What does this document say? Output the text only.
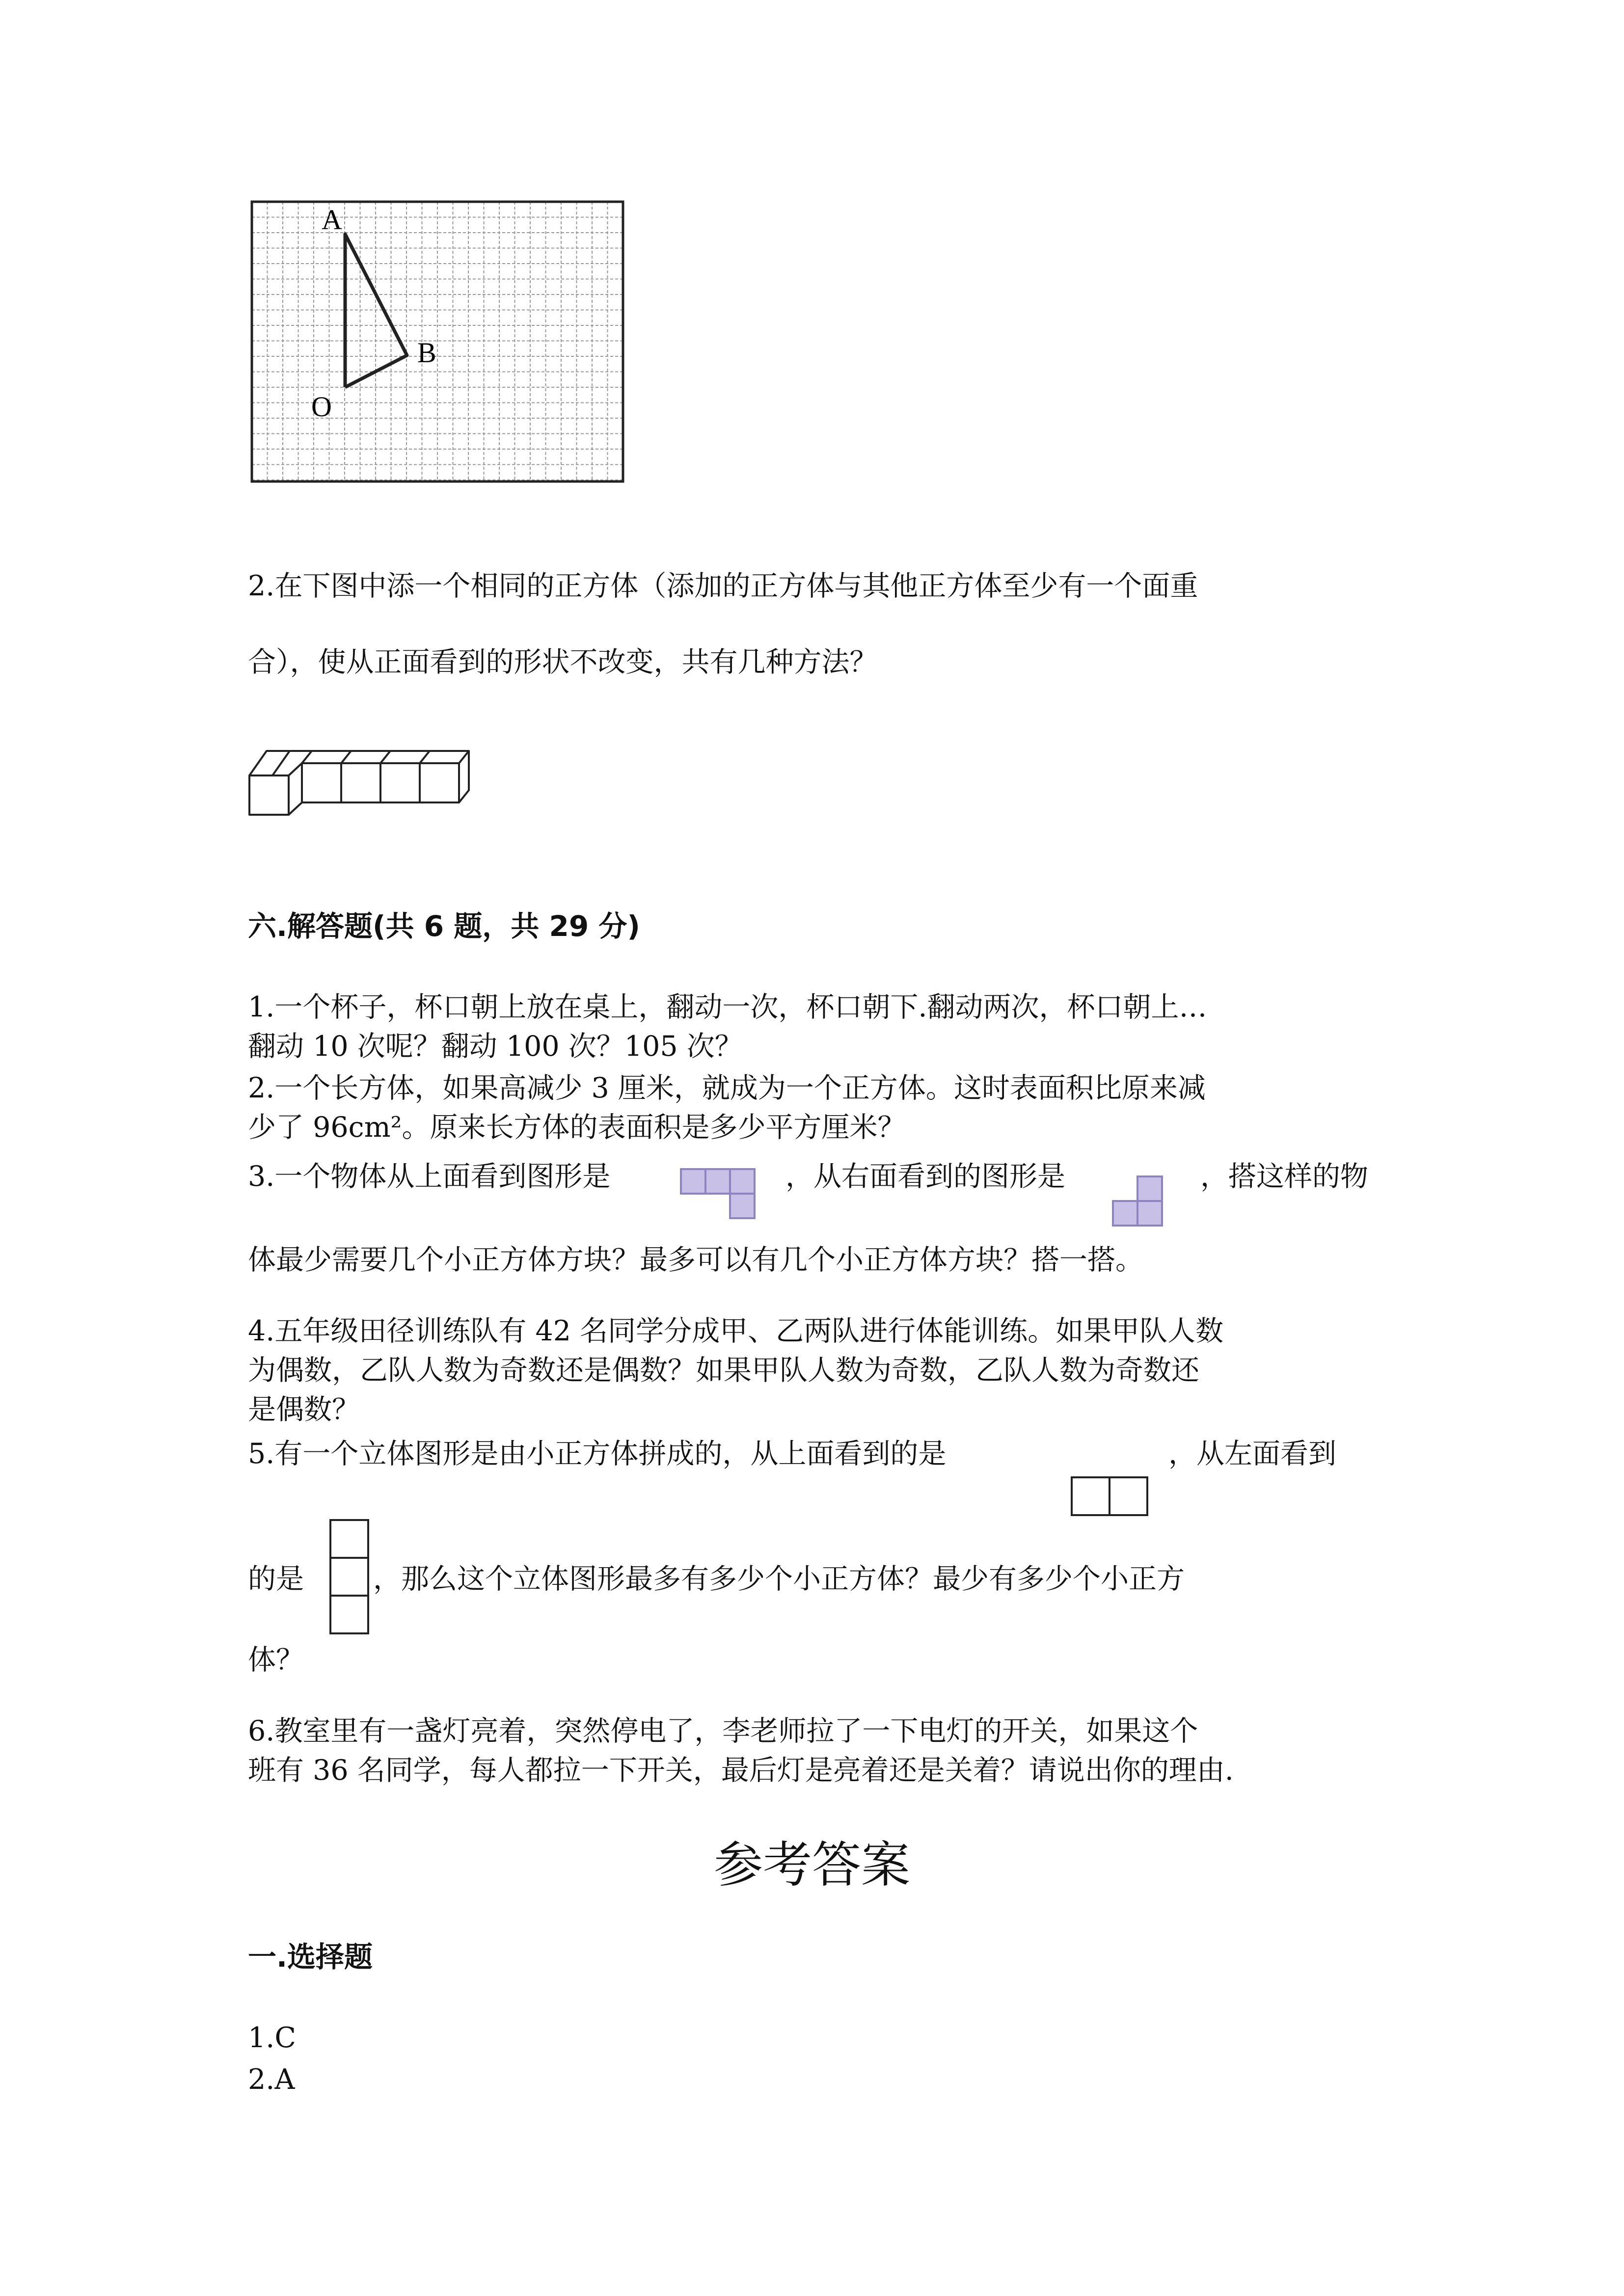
A
B
O
2.在下图中添一个相同的正方体（添加的正方体与其他正方体至少有一个面重
合），使从正面看到的形状不改变，共有几种方法？
六.解答题(共 6 题，共 29 分)
1.一个杯子，杯口朝上放在桌上，翻动一次，杯口朝下.翻动两次，杯口朝上…
翻动 10 次呢？翻动 100 次？105 次？
2.一个长方体，如果高减少 3 厘米，就成为一个正方体。这时表面积比原来减
少了 96cm²。原来长方体的表面积是多少平方厘米？
3.一个物体从上面看到图形是	，从右面看到的图形是	，搭这样的物
体最少需要几个小正方体方块？最多可以有几个小正方体方块？搭一搭。
4.五年级田径训练队有 42 名同学分成甲、乙两队进行体能训练。如果甲队人数
为偶数，乙队人数为奇数还是偶数？如果甲队人数为奇数，乙队人数为奇数还
是偶数？
5.有一个立体图形是由小正方体拼成的，从上面看到的是	，从左面看到
的是 ，那么这个立体图形最多有多少个小正方体？最少有多少个小正方
体？
6.教室里有一盏灯亮着，突然停电了，李老师拉了一下电灯的开关，如果这个
班有 36 名同学，每人都拉一下开关，最后灯是亮着还是关着？请说出你的理由.
参考答案
一.选择题
1.C
2.A
